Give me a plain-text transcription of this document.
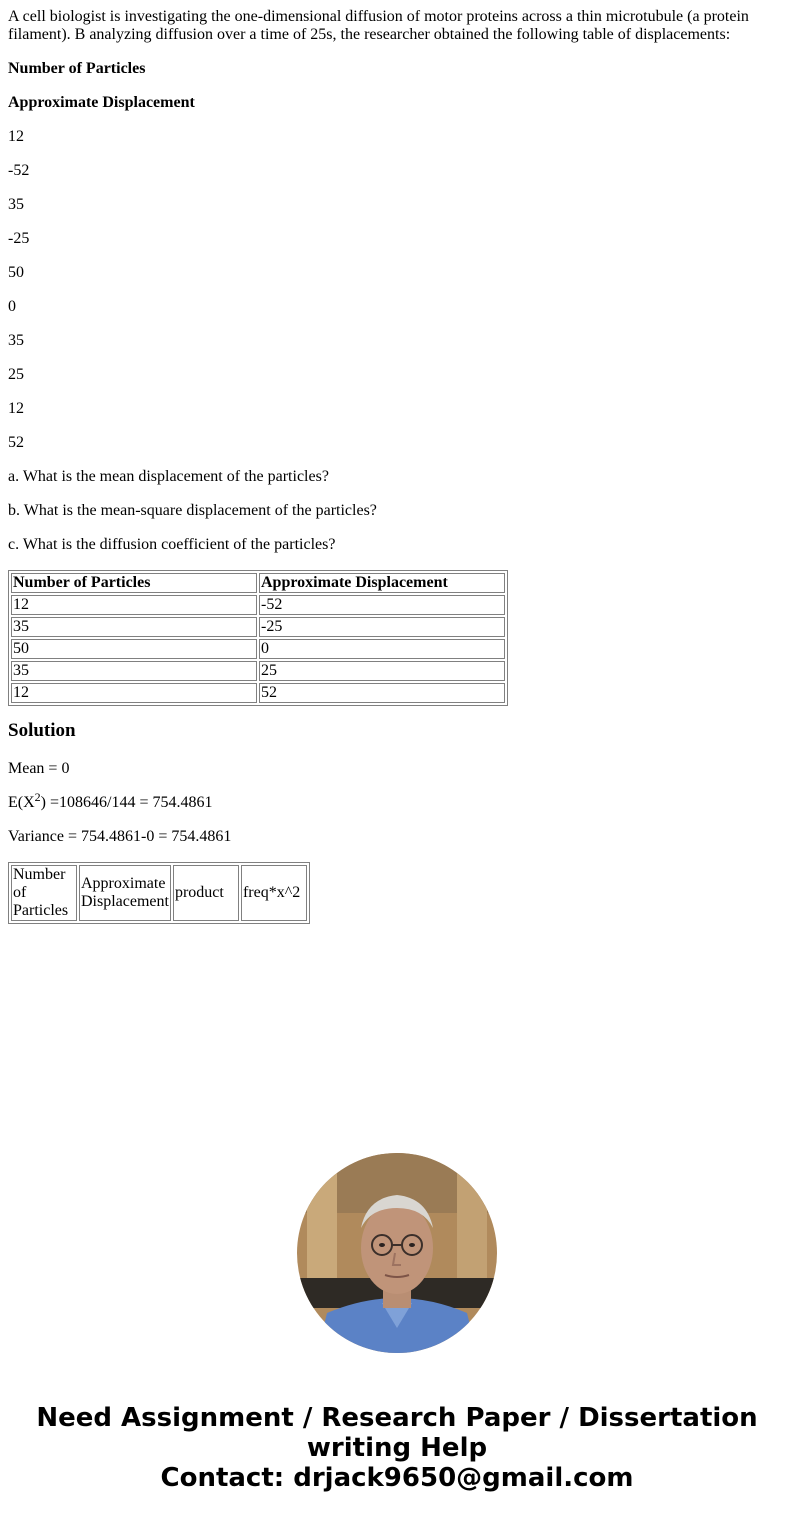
A cell biologist is investigating the one-dimensional diffusion of motor proteins across a thin microtubule (a protein filament). B analyzing diffusion over a time of 25s, the researcher obtained the following table of displacements:

Number of Particles

Approximate Displacement

12

-52

35

-25

50

0

35

25

12

52

a. What is the mean displacement of the particles?

b. What is the mean-square displacement of the particles?

c. What is the diffusion coefficient of the particles?

Number of Particles	Approximate Displacement
12	-52
35	-25
50	0
35	25
12	52
Solution

Mean = 0

$E(X^2) =108646/144 = 754.4861$

Variance = 754.4861-0 = 754.4861

Number of Particles	Approximate Displacement	product	freq*x^2
Need Assignment / Research Paper / Dissertation writing Help
Contact: drjack9650@gmail.com
